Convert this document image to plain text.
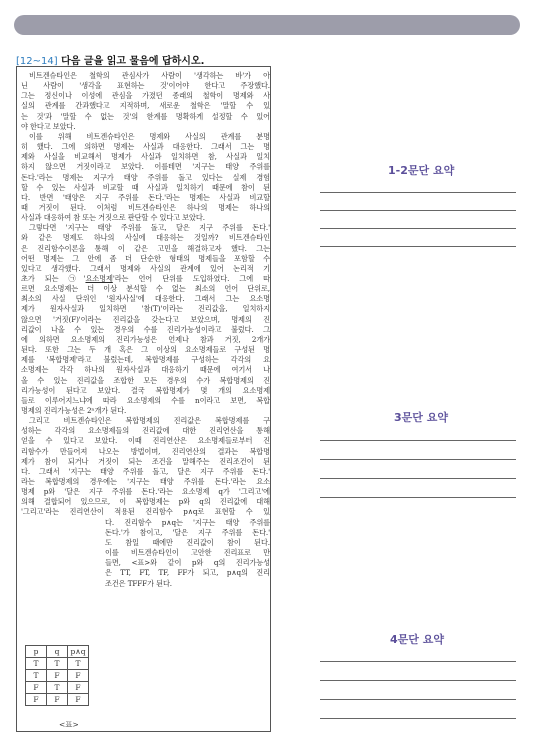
[12~14] 다음 글을 읽고 물음에 답하시오.
p	q	p∧q
T	T	T
T	F	F
F	T	F
F	F	F
<표>
비트겐슈타인은 철학의 관심사가 사람이 '생각하는 바'가 아
닌 사람이 '생각을 표현하는 것'이어야 한다고 주장했다.
그는 정신이나 이성에 관심을 가졌던 종래의 철학이 명제와 사
실의 관계를 간과했다고 지적하며, 새로운 철학은 '말할 수 있
는 것'과 '말할 수 없는 것'의 한계를 명확하게 설정할 수 있어
야 한다고 보았다.
이를 위해 비트겐슈타인은 명제와 사실의 관계를 분명
히 했다. 그에 의하면 명제는 사실과 대응한다. 그래서 그는 명
제와 사실을 비교해서 명제가 사실과 일치하면 참, 사실과 일치
하지 않으면 거짓이라고 보았다. 이를테면 '지구는 태양 주위를
돈다.'라는 명제는 지구가 태양 주위를 돌고 있다는 실제 경험
할 수 있는 사실과 비교할 때 사실과 일치하기 때문에 참이 된
다. 반면 '태양은 지구 주위를 돈다.'라는 명제는 사실과 비교할
때 거짓이 된다. 이처럼 비트겐슈타인은 하나의 명제는 하나의
사실과 대응하여 참 또는 거짓으로 판단할 수 있다고 보았다.
그렇다면 '지구는 태양 주위를 돌고, 달은 지구 주위를 돈다.'
와 같은 명제도 하나의 사실에 대응하는 것일까? 비트겐슈타인
은 진리함수이론을 통해 이 같은 고민을 해결하고자 했다. 그는
어떤 명제는 그 안에 좀 더 단순한 형태의 명제들을 포함할 수
있다고 생각했다. 그래서 명제와 사실의 관계에 있어 논리적 기
초가 되는 ㉠'요소명제'라는 언어 단위를 도입하였다. 그에 따
르면 요소명제는 더 이상 분석할 수 없는 최소의 언어 단위로,
최소의 사실 단위인 '원자사실'에 대응한다. 그래서 그는 요소명
제가 원자사실과 일치하면 '참(T)'이라는 진리값을, 일치하지
않으면 '거짓(F)'이라는 진리값을 갖는다고 보았으며, 명제의 진
리값이 나올 수 있는 경우의 수를 진리가능성이라고 불렀다. 그
에 의하면 요소명제의 진리가능성은 언제나 참과 거짓, 2개가
된다. 또한 그는 두 개 혹은 그 이상의 요소명제들로 구성된 명
제를 '복합명제'라고 불렀는데, 복합명제를 구성하는 각각의 요
소명제는 각각 하나의 원자사실과 대응하기 때문에 여기서 나
올 수 있는 진리값을 조합한 모든 경우의 수가 복합명제의 진
리가능성이 된다고 보았다. 결국 복합명제가 몇 개의 요소명제
들로 이루어지느냐에 따라 요소명제의 수를 n이라고 보면, 복합
명제의 진리가능성은 2ⁿ개가 된다.
그리고 비트겐슈타인은 복합명제의 진리값은 복합명제를 구
성하는 각각의 요소명제들의 진리값에 대한 진리연산을 통해
얻을 수 있다고 보았다. 이때 진리연산은 요소명제들로부터 진
리함수가 만들어져 나오는 방법이며, 진리연산의 결과는 복합명
제가 참이 되거나 거짓이 되는 조건을 말해주는 진리조건이 된
다. 그래서 '지구는 태양 주위를 돌고, 달은 지구 주위를 돈다.'
라는 복합명제의 경우에는 '지구는 태양 주위를 돈다.'라는 요소
명제 p와 '달은 지구 주위를 돈다.'라는 요소명제 q가 '그리고'에
의해 결합되어 있으므로, 이 복합명제는 p와 q의 진리값에 대해
'그리고'라는 진리연산이 적용된 진리함수 p∧q로 표현할 수 있
다. 진리함수 p∧q는 '지구는 태양 주위를
돈다.'가 참이고, '달은 지구 주위를 돈다.'
도 참일 때에만 진리값이 참이 된다.
이를 비트겐슈타인이 고안한 진리표로 만
들면, <표>와 같이 p와 q의 진리가능성
은 TT, FT, TF, FF가 되고, p∧q의 진리
조건은 TFFF가 된다.
1-2문단 요약
3문단 요약
4문단 요약
